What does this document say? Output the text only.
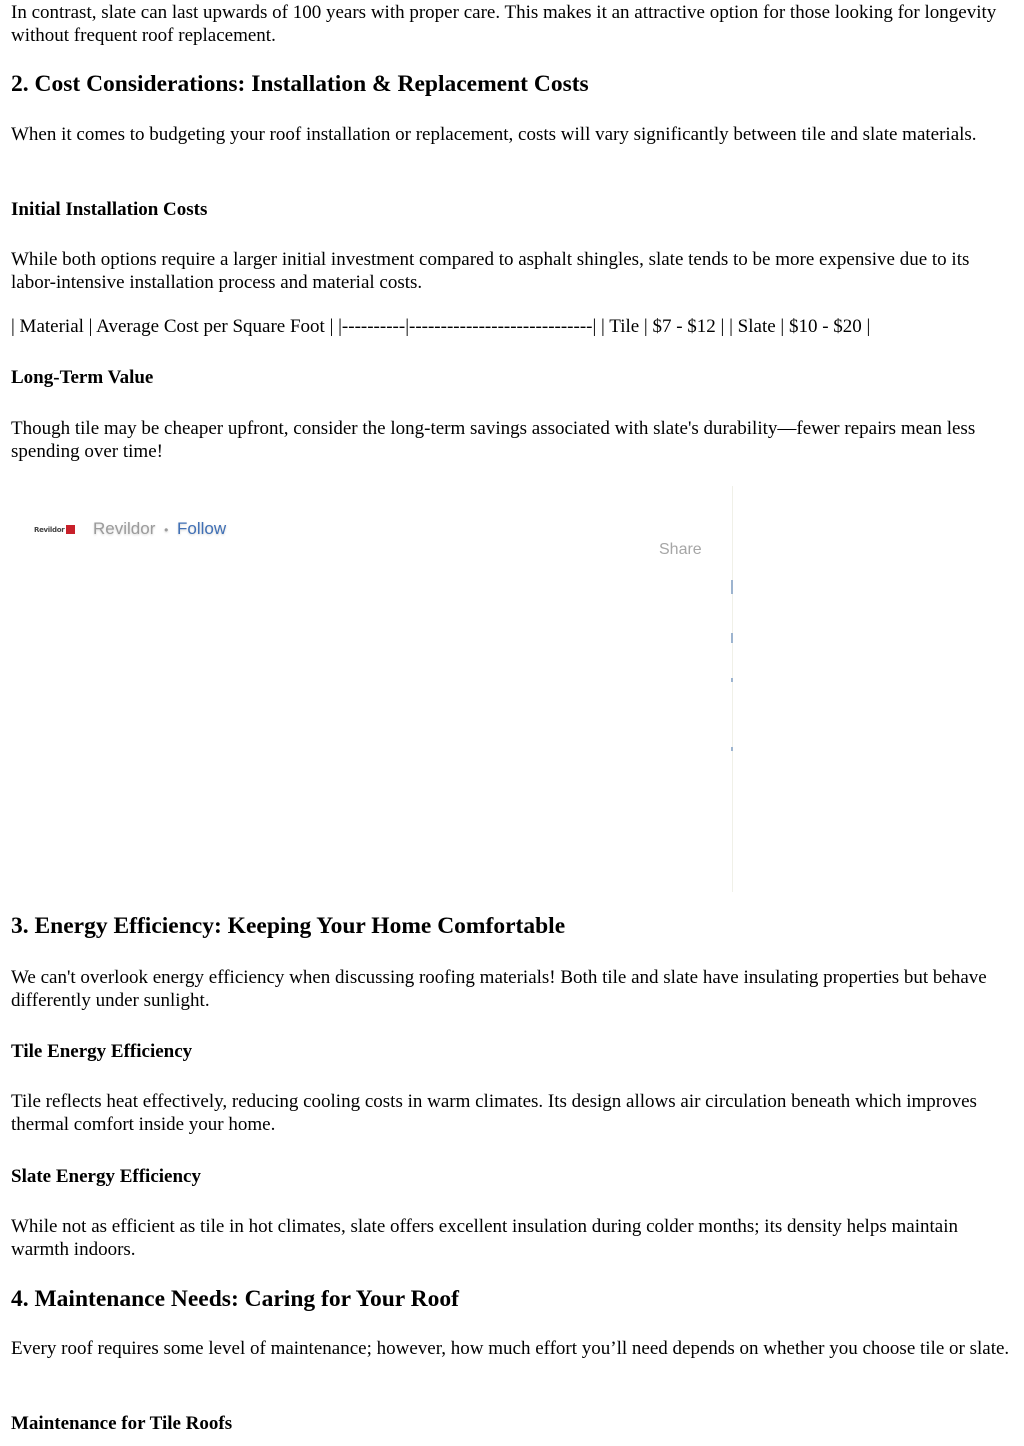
In contrast, slate can last upwards of 100 years with proper care. This makes it an attractive option for those looking for longevity without frequent roof replacement.

2. Cost Considerations: Installation & Replacement Costs

When it comes to budgeting your roof installation or replacement, costs will vary significantly between tile and slate materials.

Initial Installation Costs

While both options require a larger initial investment compared to asphalt shingles, slate tends to be more expensive due to its labor-intensive installation process and material costs.

| Material | Average Cost per Square Foot | |----------|-----------------------------| | Tile | $7 - $12 | | Slate | $10 - $20 |

Long-Term Value

Though tile may be cheaper upfront, consider the long-term savings associated with slate's durability—fewer repairs mean less spending over time!

Revildor Revildor • Follow
Share
3. Energy Efficiency: Keeping Your Home Comfortable

We can't overlook energy efficiency when discussing roofing materials! Both tile and slate have insulating properties but behave differently under sunlight.

Tile Energy Efficiency

Tile reflects heat effectively, reducing cooling costs in warm climates. Its design allows air circulation beneath which improves thermal comfort inside your home.

Slate Energy Efficiency

While not as efficient as tile in hot climates, slate offers excellent insulation during colder months; its density helps maintain warmth indoors.

4. Maintenance Needs: Caring for Your Roof

Every roof requires some level of maintenance; however, how much effort you’ll need depends on whether you choose tile or slate.

Maintenance for Tile Roofs
